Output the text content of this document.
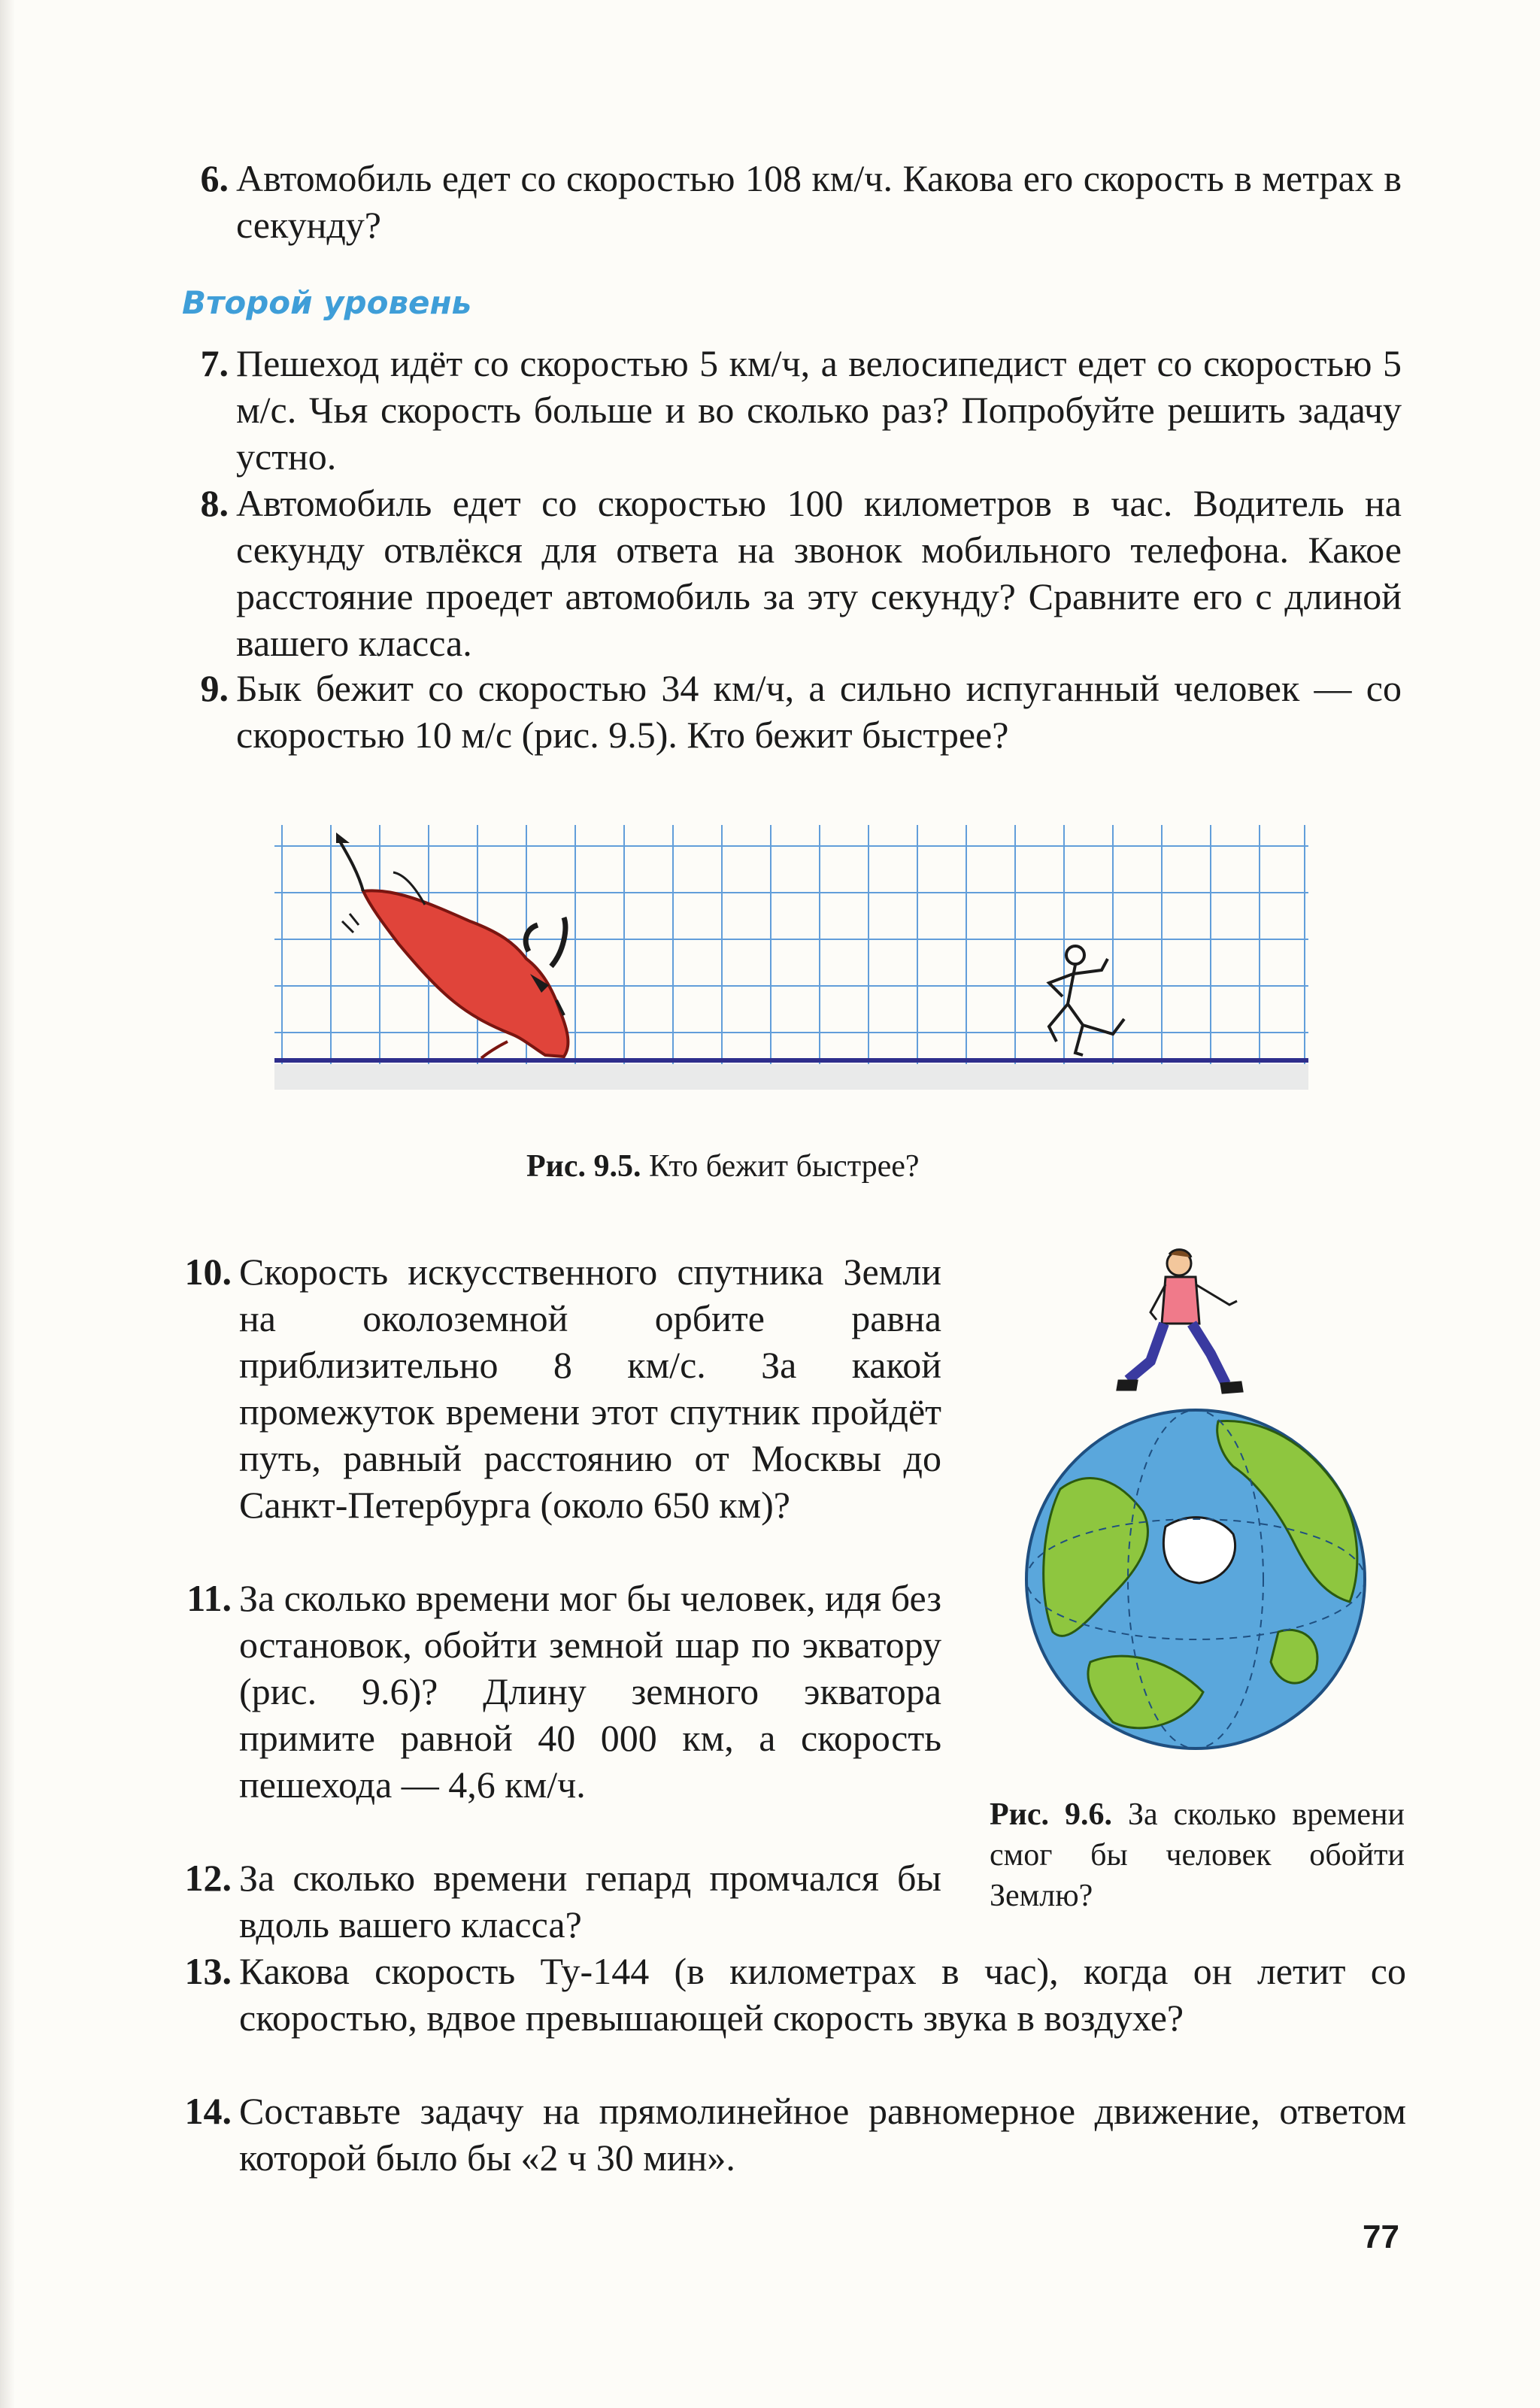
6. Автомобиль едет со скоростью 108 км/ч. Какова его скорость в метрах в секунду?
Второй уровень
7. Пешеход идёт со скоростью 5 км/ч, а велосипедист едет со скоростью 5 м/с. Чья скорость больше и во сколько раз? Попробуйте решить задачу устно.
8. Автомобиль едет со скоростью 100 километров в час. Водитель на секунду отвлёкся для ответа на звонок мобильного телефона. Какое расстояние проедет автомобиль за эту секунду? Сравните его с длиной вашего класса.
9. Бык бежит со скоростью 34 км/ч, а сильно испуганный человек — со скоростью 10 м/с (рис. 9.5). Кто бежит быстрее?
Рис. 9.5. Кто бежит быстрее?
10. Скорость искусственного спутника Земли на околоземной орбите равна приблизительно 8 км/с. За какой промежуток времени этот спутник пройдёт путь, равный расстоянию от Москвы до Санкт-Петербурга (около 650 км)?
11. За сколько времени мог бы человек, идя без остановок, обойти земной шар по экватору (рис. 9.6)? Длину земного экватора примите равной 40 000 км, а скорость пешехода — 4,6 км/ч.
12. За сколько времени гепард промчался бы вдоль вашего класса?
Рис. 9.6. За сколько времени смог бы человек обойти Землю?
13. Какова скорость Ту-144 (в километрах в час), когда он летит со скоростью, вдвое превышающей скорость звука в воздухе?
14. Составьте задачу на прямолинейное равномерное движение, ответом которой было бы «2 ч 30 мин».
77
